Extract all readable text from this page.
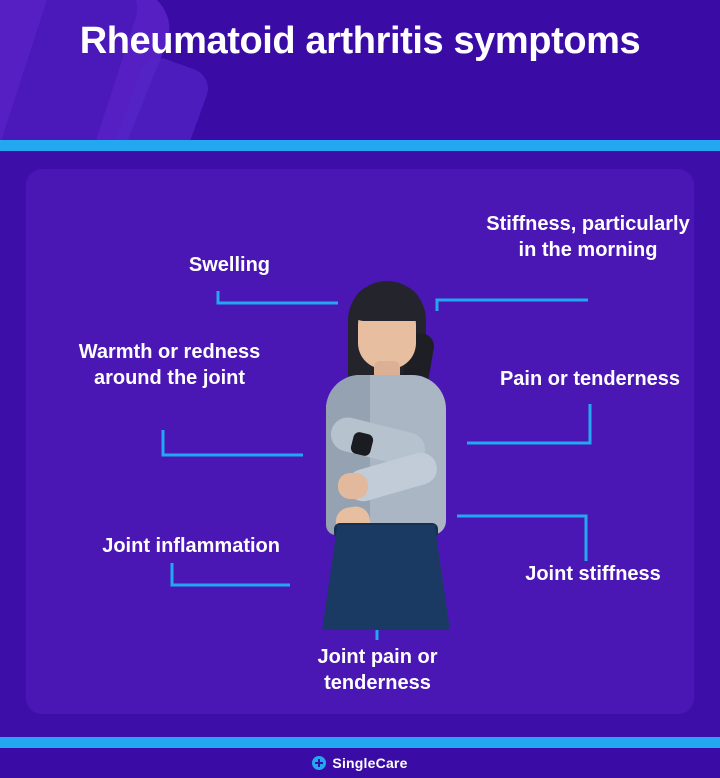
Rheumatoid arthritis symptoms
Swelling
Stiffness, particularly in the morning
Warmth or redness around the joint	Pain or tenderness
Joint inflammation
Joint stiffness
Joint pain or tenderness
SingleCare
